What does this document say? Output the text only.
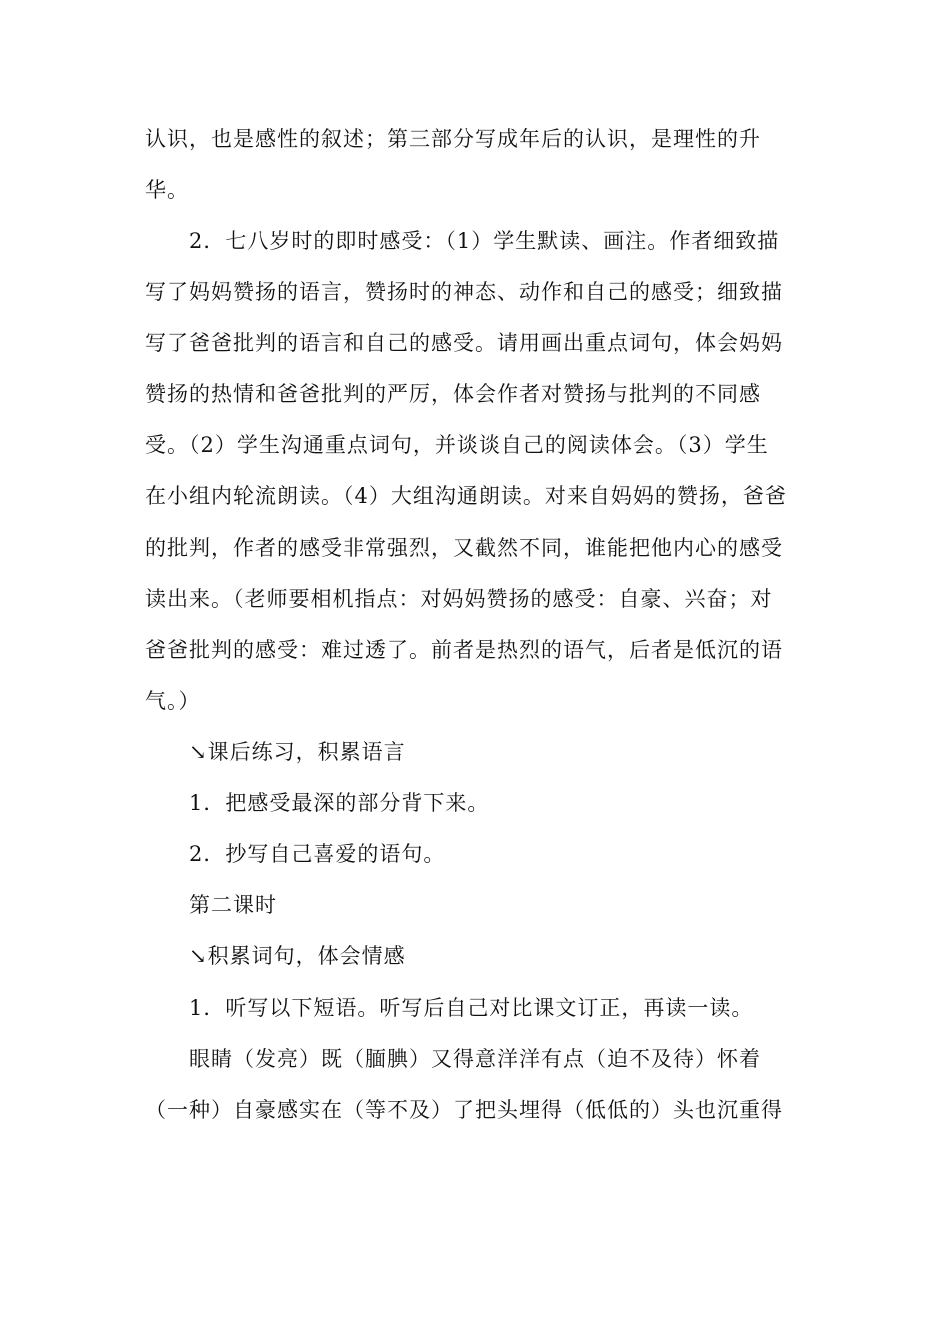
认识，也是感性的叙述；第三部分写成年后的认识，是理性的升
华。
2．七八岁时的即时感受：（1）学生默读、画注。作者细致描
写了妈妈赞扬的语言，赞扬时的神态、动作和自己的感受；细致描
写了爸爸批判的语言和自己的感受。请用画出重点词句，体会妈妈
赞扬的热情和爸爸批判的严厉，体会作者对赞扬与批判的不同感
受。（2）学生沟通重点词句，并谈谈自己的阅读体会。（3）学生
在小组内轮流朗读。（4）大组沟通朗读。对来自妈妈的赞扬，爸爸
的批判，作者的感受非常强烈，又截然不同，谁能把他内心的感受
读出来。（老师要相机指点：对妈妈赞扬的感受：自豪、兴奋；对
爸爸批判的感受：难过透了。前者是热烈的语气，后者是低沉的语
气。）
↘课后练习，积累语言
1．把感受最深的部分背下来。
2．抄写自己喜爱的语句。
第二课时
↘积累词句，体会情感
1．听写以下短语。听写后自己对比课文订正，再读一读。
眼睛（发亮）既（腼腆）又得意洋洋有点（迫不及待）怀着
（一种）自豪感实在（等不及）了把头埋得（低低的）头也沉重得
